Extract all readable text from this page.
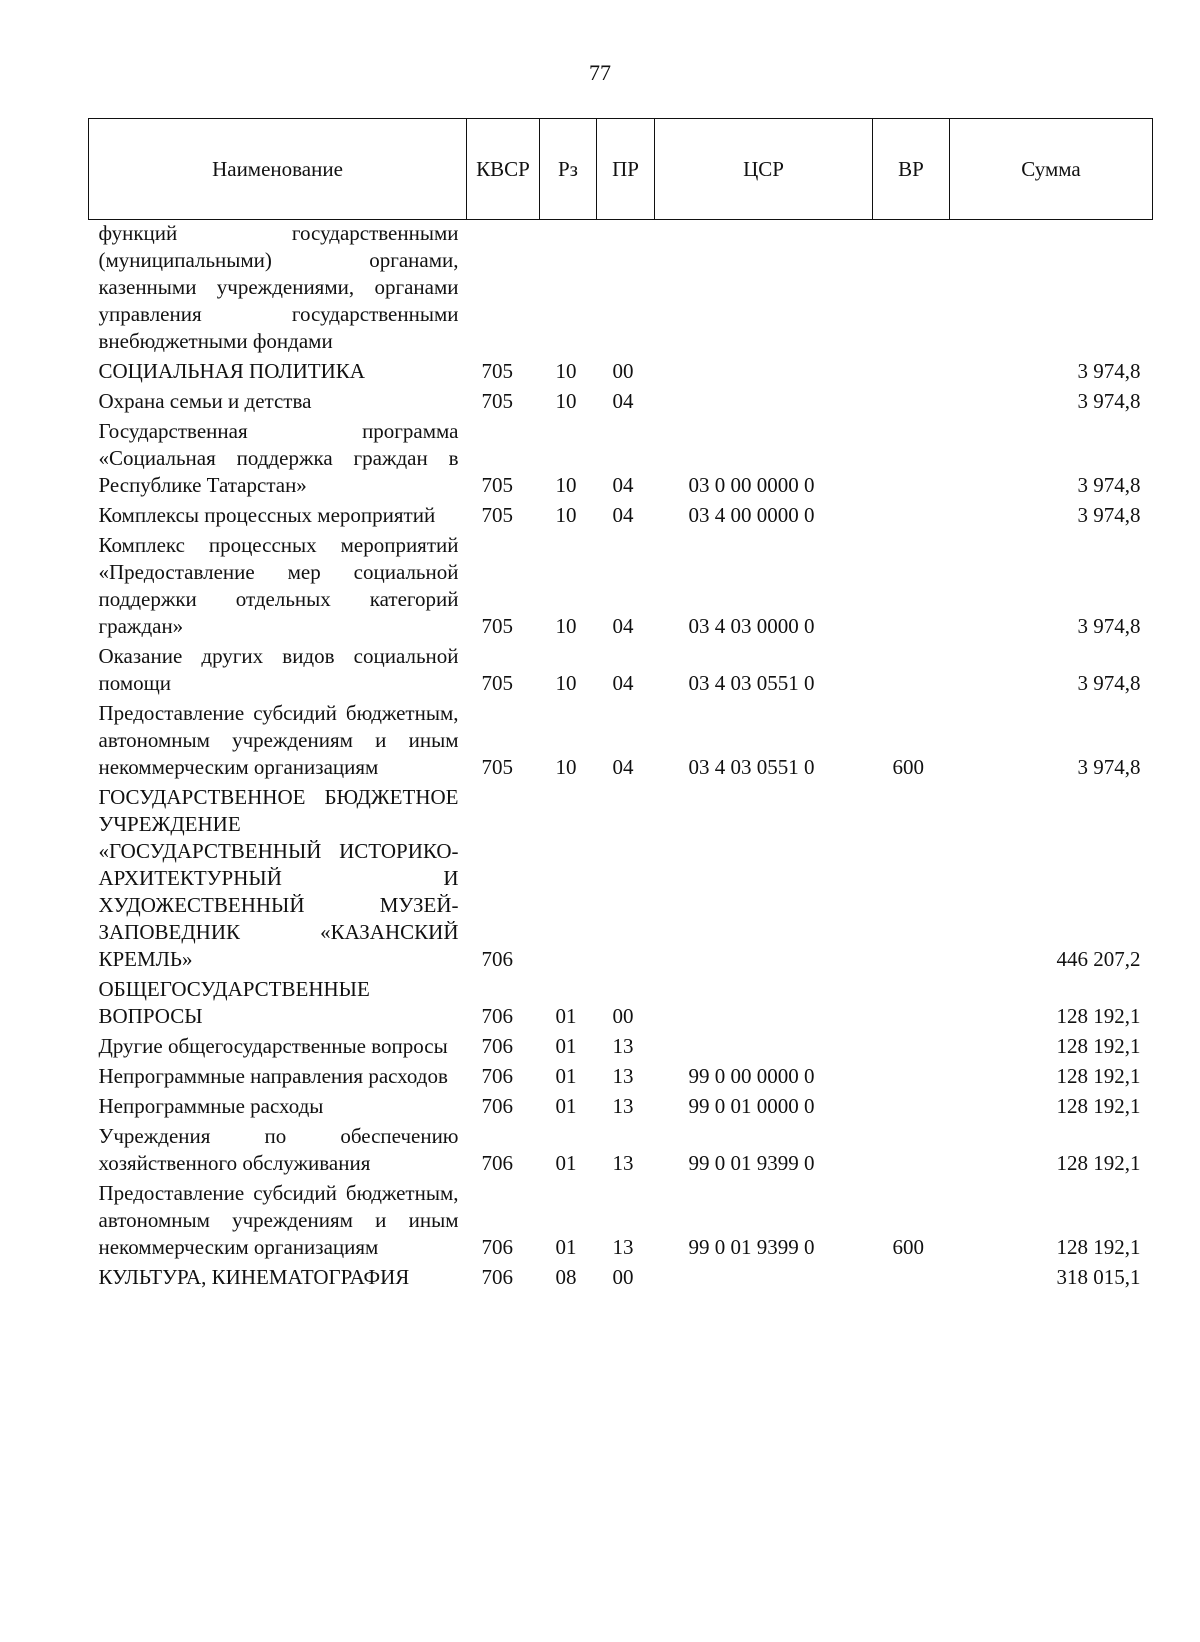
77
Наименование	КВСР	Рз	ПР	ЦСР	ВР	Сумма
функций государственными (муниципальными) органами, казенными учреждениями, органами управления государственными внебюджетными фондами						
СОЦИАЛЬНАЯ ПОЛИТИКА	705	10	00			3 974,8
Охрана семьи и детства	705	10	04			3 974,8
Государственная программа «Социальная поддержка граждан в Республике Татарстан»	705	10	04	03 0 00 0000 0		3 974,8
Комплексы процессных мероприятий	705	10	04	03 4 00 0000 0		3 974,8
Комплекс процессных мероприятий «Предоставление мер социальной поддержки отдельных категорий граждан»	705	10	04	03 4 03 0000 0		3 974,8
Оказание других видов социальной помощи	705	10	04	03 4 03 0551 0		3 974,8
Предоставление субсидий бюджетным, автономным учреждениям и иным некоммерческим организациям	705	10	04	03 4 03 0551 0	600	3 974,8
ГОСУДАРСТВЕННОЕ БЮДЖЕТНОЕ УЧРЕЖДЕНИЕ «ГОСУДАРСТВЕННЫЙ ИСТОРИКО-АРХИТЕКТУРНЫЙ И ХУДОЖЕСТВЕННЫЙ МУЗЕЙ-ЗАПОВЕДНИК «КАЗАНСКИЙ КРЕМЛЬ»	706					446 207,2
ОБЩЕГОСУДАРСТВЕННЫЕ ВОПРОСЫ	706	01	00			128 192,1
Другие общегосударственные вопросы	706	01	13			128 192,1
Непрограммные направления расходов	706	01	13	99 0 00 0000 0		128 192,1
Непрограммные расходы	706	01	13	99 0 01 0000 0		128 192,1
Учреждения по обеспечению хозяйственного обслуживания	706	01	13	99 0 01 9399 0		128 192,1
Предоставление субсидий бюджетным, автономным учреждениям и иным некоммерческим организациям	706	01	13	99 0 01 9399 0	600	128 192,1
КУЛЬТУРА, КИНЕМАТОГРАФИЯ	706	08	00			318 015,1
